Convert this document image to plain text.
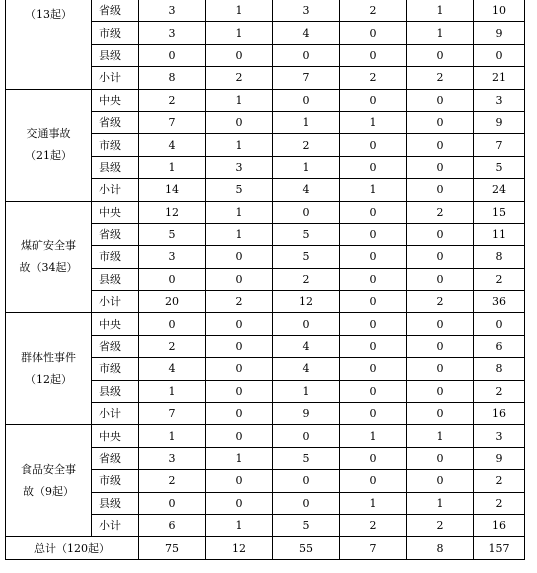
（13起）	省级	3	1	3	2	1	10
	市级	3	1	4	0	1	9
	县级	0	0	0	0	0	0
	小计	8	2	7	2	2	21

交通事故
（21起）	中央	2	1	0	0	0	3
	省级	7	0	1	1	0	9
	市级	4	1	2	0	0	7
	县级	1	3	1	0	0	5
	小计	14	5	4	1	0	24

煤矿安全事
故（34起）	中央	12	1	0	0	2	15
	省级	5	1	5	0	0	11
	市级	3	0	5	0	0	8
	县级	0	0	2	0	0	2
	小计	20	2	12	0	2	36

群体性事件
（12起）	中央	0	0	0	0	0	0
	省级	2	0	4	0	0	6
	市级	4	0	4	0	0	8
	县级	1	0	1	0	0	2
	小计	7	0	9	0	0	16

食品安全事
故（9起）	中央	1	0	0	1	1	3
	省级	3	1	5	0	0	9
	市级	2	0	0	0	0	2
	县级	0	0	0	1	1	2
	小计	6	1	5	2	2	16
总计（120起）		75	12	55	7	8	157
